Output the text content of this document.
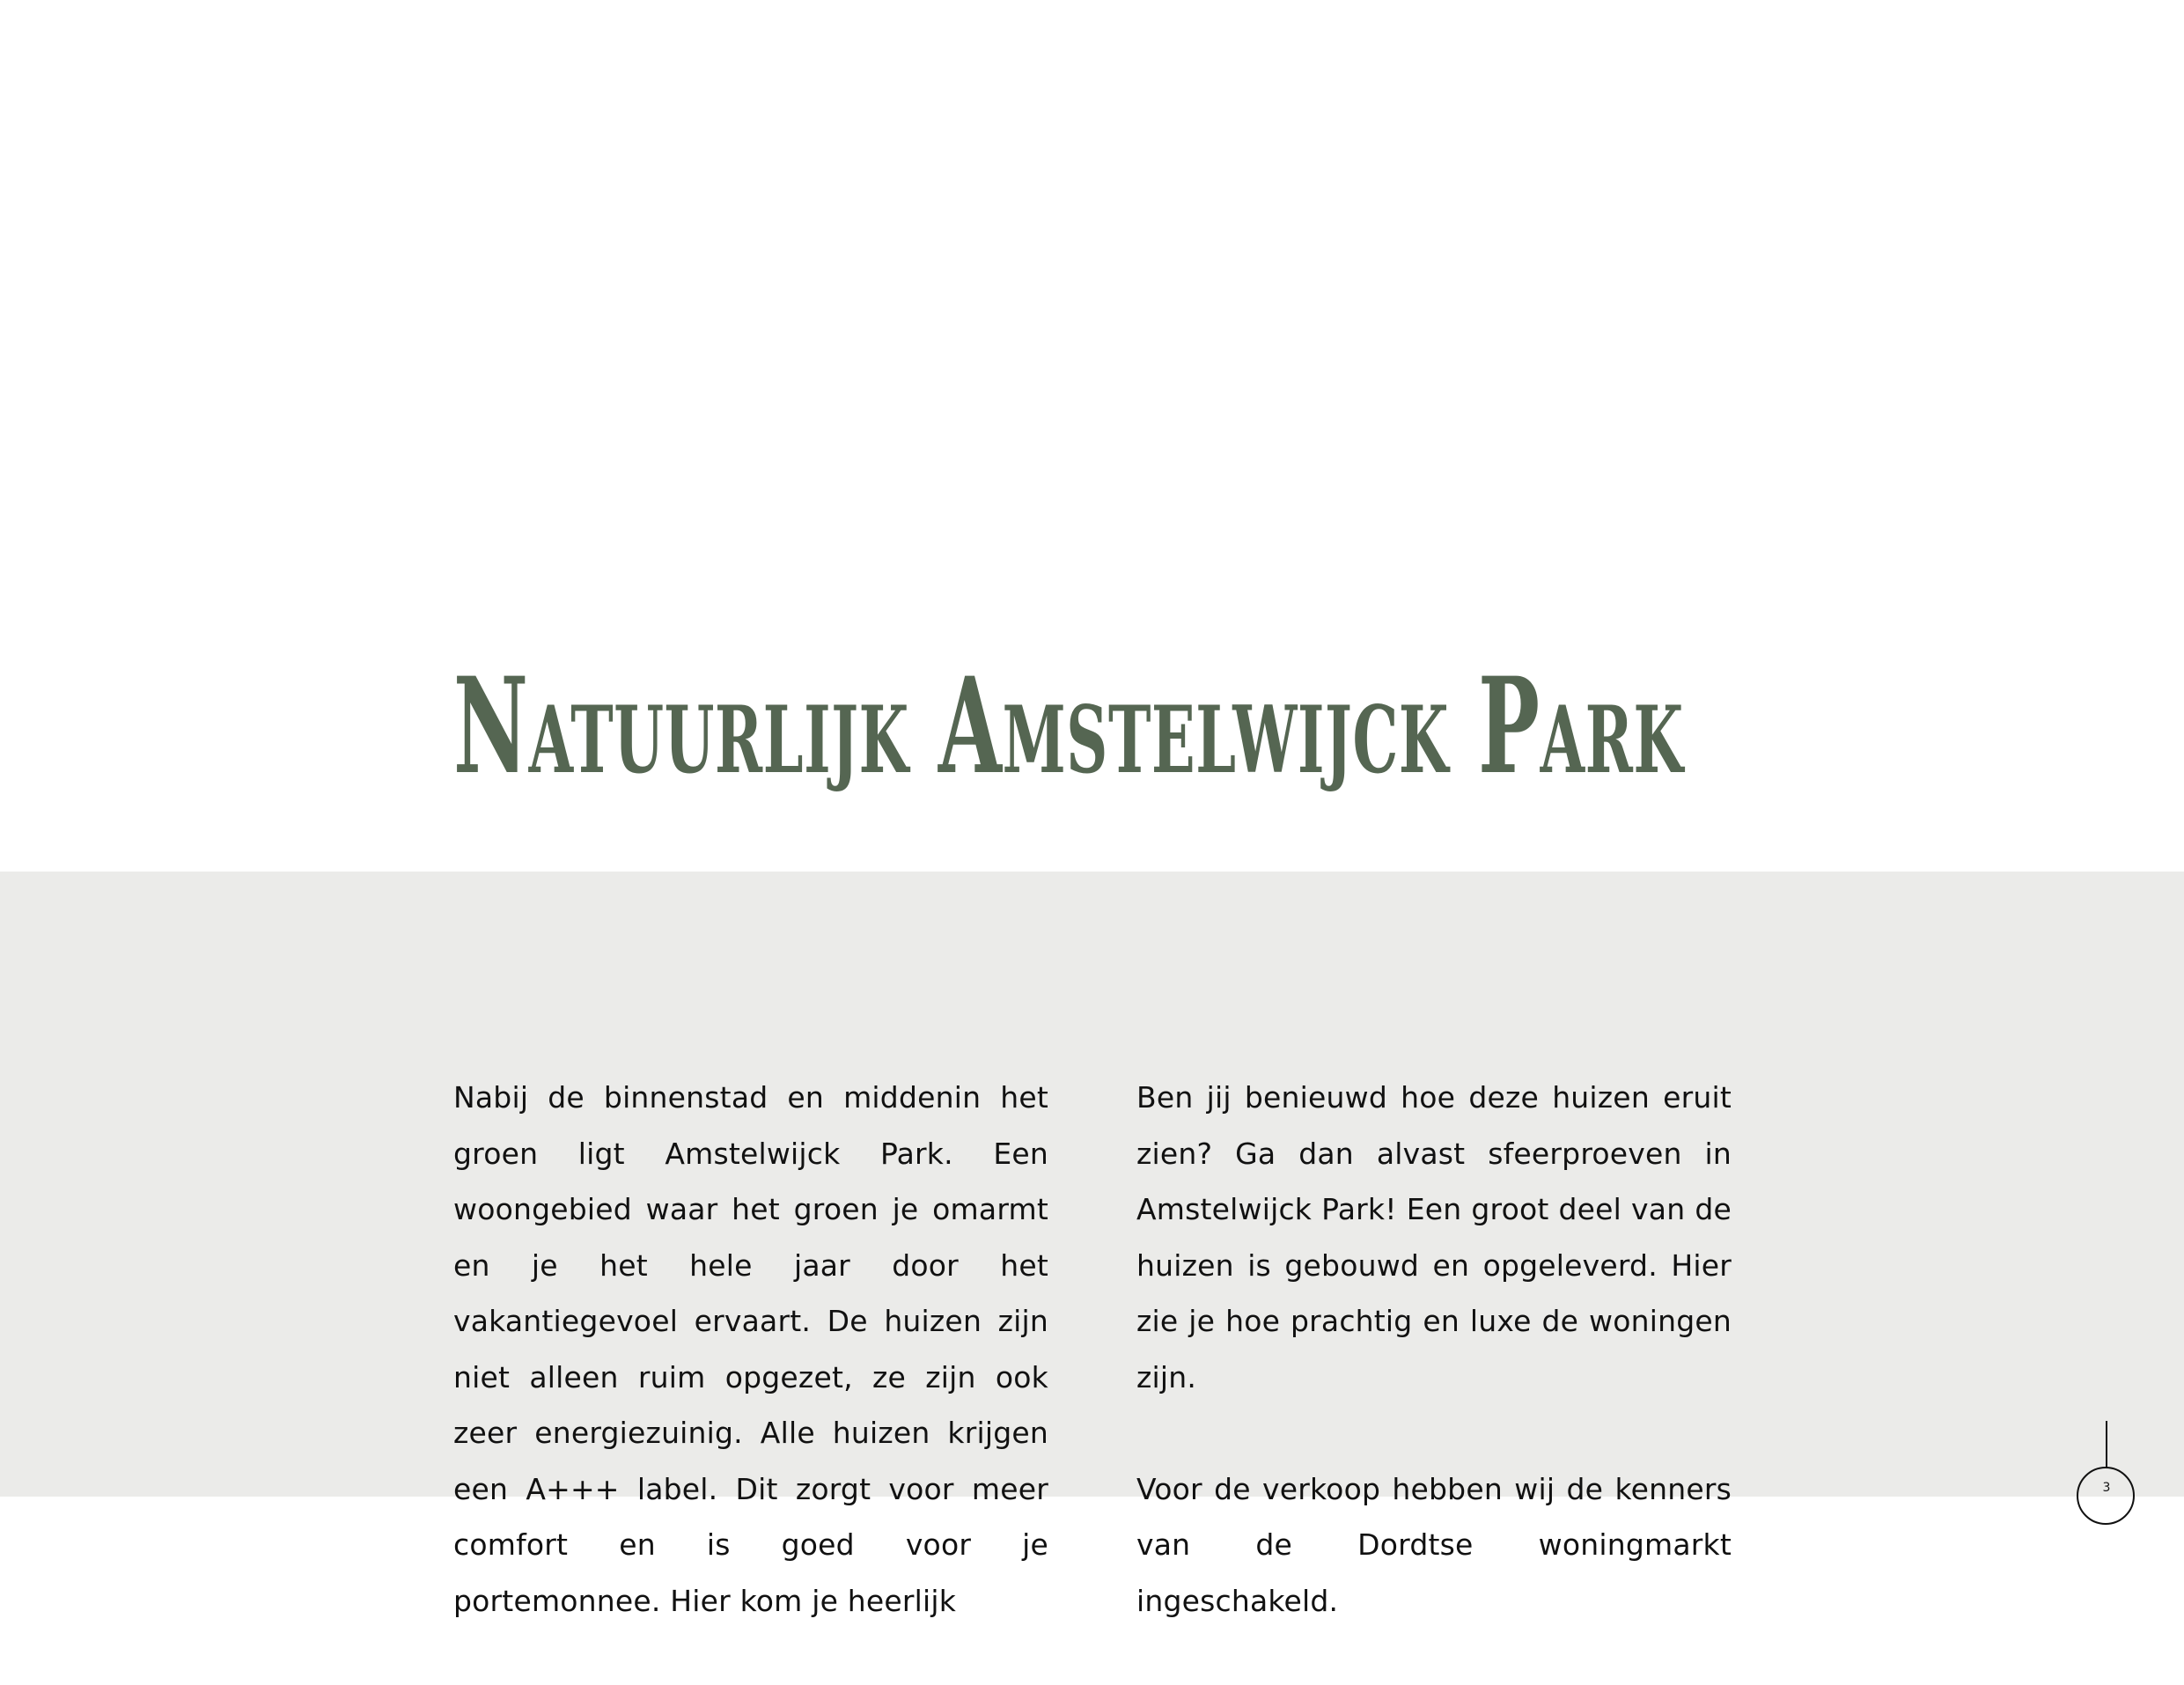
Natuurlijk Amstelwijck Park

Nabij de binnenstad en middenin het groen ligt Amstelwijck Park. Een woongebied waar het groen je omarmt en je het hele jaar door het vakantiegevoel ervaart. De huizen zijn niet alleen ruim opgezet, ze zijn ook zeer energiezuinig. Alle huizen krijgen een A+++ label. Dit zorgt voor meer comfort en is goed voor je portemonnee. Hier kom je heerlijk

Ben jij benieuwd hoe deze huizen eruit zien? Ga dan alvast sfeerproeven in Amstelwijck Park! Een groot deel van de huizen is gebouwd en opgeleverd. Hier zie je hoe prachtig en luxe de woningen zijn.

Voor de verkoop hebben wij de kenners van de Dordtse woningmarkt ingeschakeld.

3
